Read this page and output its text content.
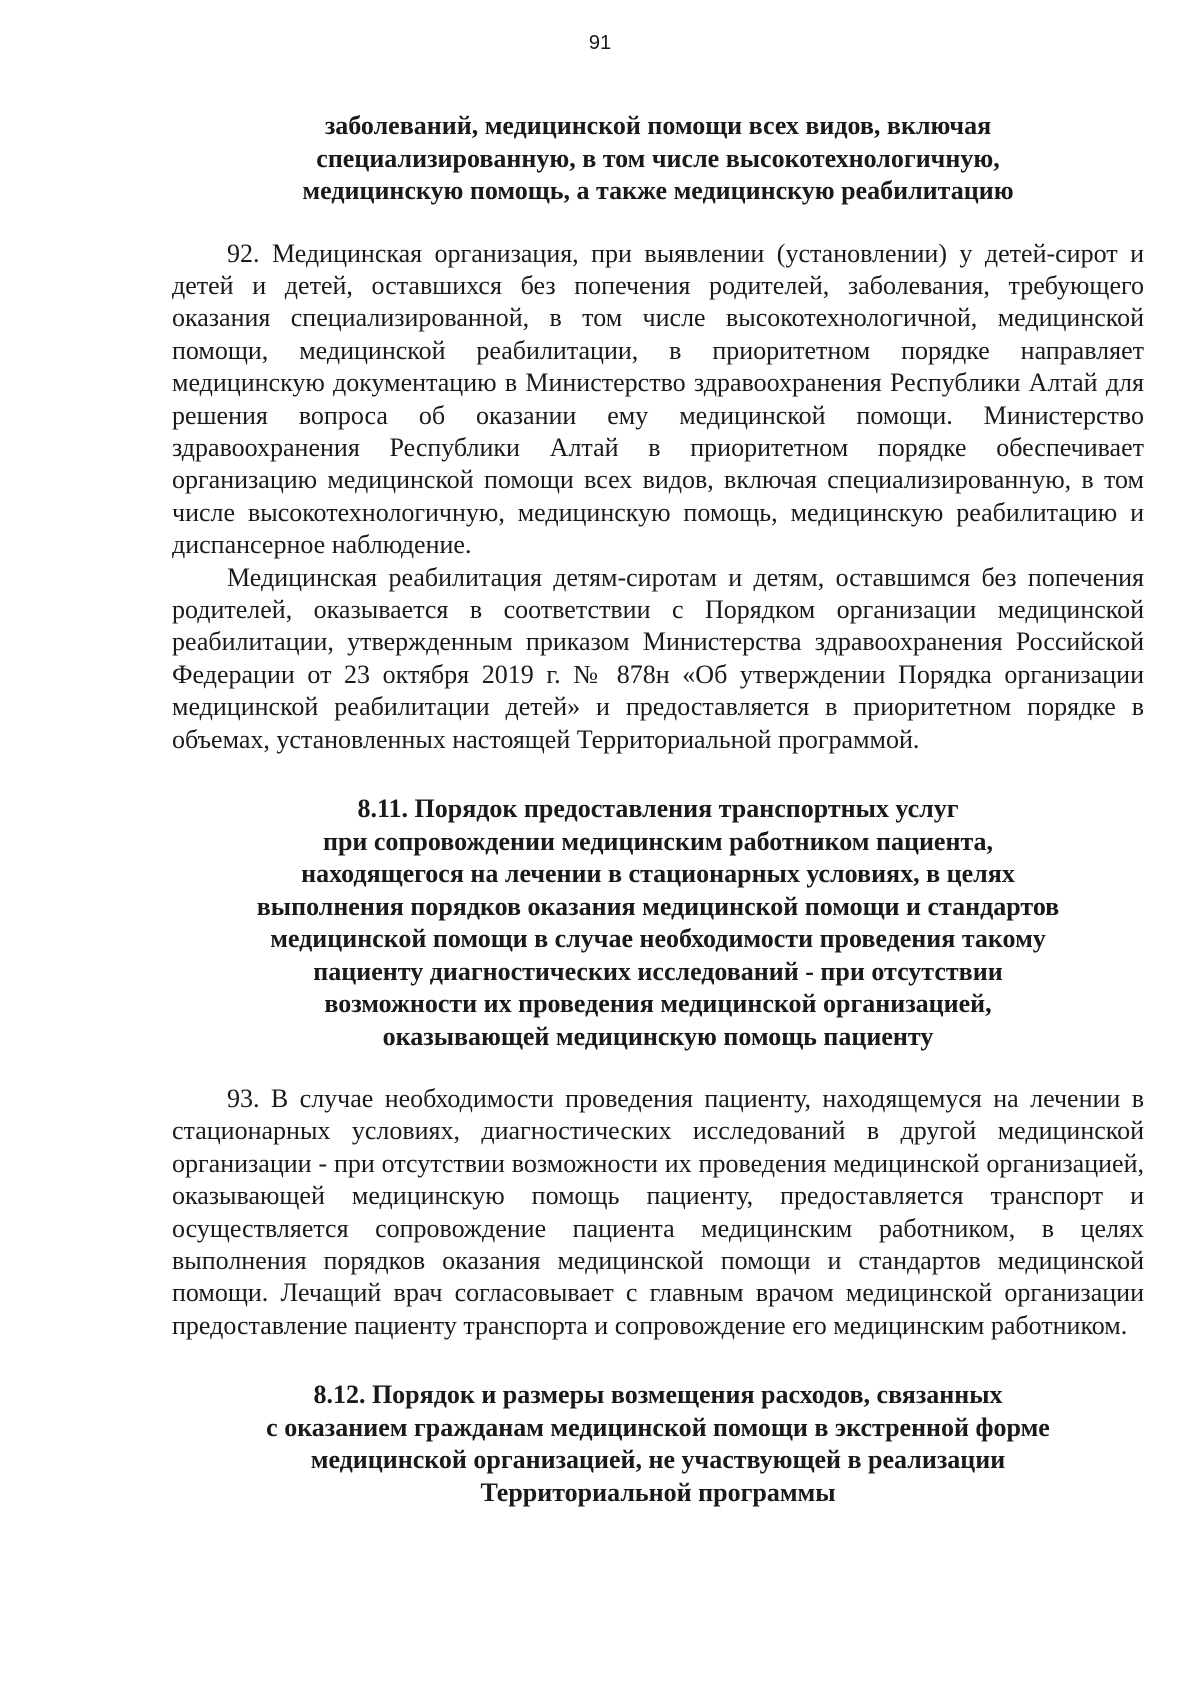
91
заболеваний, медицинской помощи всех видов, включая
специализированную, в том числе высокотехнологичную,
медицинскую помощь, а также медицинскую реабилитацию

92. Медицинская организация, при выявлении (установлении) у детей-сирот и детей и детей, оставшихся без попечения родителей, заболевания, требующего оказания специализированной, в том числе высокотехнологичной, медицинской помощи, медицинской реабилитации, в приоритетном порядке направляет медицинскую документацию в Министерство здравоохранения Республики Алтай для решения вопроса об оказании ему медицинской помощи. Министерство здравоохранения Республики Алтай в приоритетном порядке обеспечивает организацию медицинской помощи всех видов, включая специализированную, в том числе высокотехнологичную, медицинскую помощь, медицинскую реабилитацию и диспансерное наблюдение.

Медицинская реабилитация детям-сиротам и детям, оставшимся без попечения родителей, оказывается в соответствии с Порядком организации медицинской реабилитации, утвержденным приказом Министерства здравоохранения Российской Федерации от 23 октября 2019 г. № 878н «Об утверждении Порядка организации медицинской реабилитации детей» и предоставляется в приоритетном порядке в объемах, установленных настоящей Территориальной программой.

8.11. Порядок предоставления транспортных услуг
при сопровождении медицинским работником пациента,
находящегося на лечении в стационарных условиях, в целях
выполнения порядков оказания медицинской помощи и стандартов
медицинской помощи в случае необходимости проведения такому
пациенту диагностических исследований - при отсутствии
возможности их проведения медицинской организацией,
оказывающей медицинскую помощь пациенту

93. В случае необходимости проведения пациенту, находящемуся на лечении в стационарных условиях, диагностических исследований в другой медицинской организации - при отсутствии возможности их проведения медицинской организацией, оказывающей медицинскую помощь пациенту, предоставляется транспорт и осуществляется сопровождение пациента медицинским работником, в целях выполнения порядков оказания медицинской помощи и стандартов медицинской помощи. Лечащий врач согласовывает с главным врачом медицинской организации предоставление пациенту транспорта и сопровождение его медицинским работником.

8.12. Порядок и размеры возмещения расходов, связанных
с оказанием гражданам медицинской помощи в экстренной форме
медицинской организацией, не участвующей в реализации
Территориальной программы
